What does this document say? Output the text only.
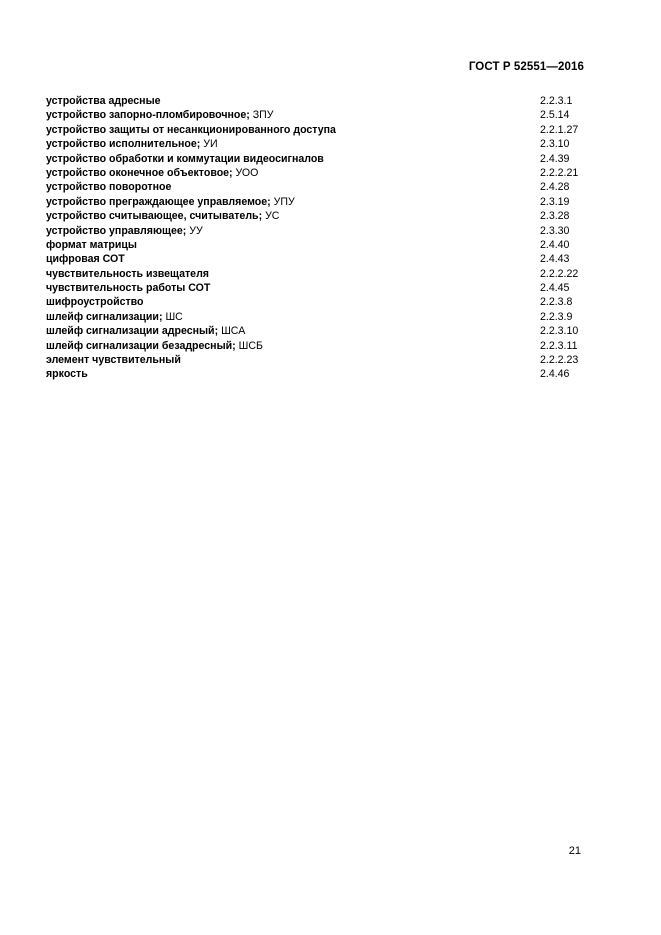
ГОСТ Р 52551—2016
устройства адресные	2.2.3.1
устройство запорно-пломбировочное; ЗПУ	2.5.14
устройство защиты от несанкционированного доступа	2.2.1.27
устройство исполнительное; УИ	2.3.10
устройство обработки и коммутации видеосигналов	2.4.39
устройство оконечное объектовое; УОО	2.2.2.21
устройство поворотное	2.4.28
устройство преграждающее управляемое; УПУ	2.3.19
устройство считывающее, считыватель; УС	2.3.28
устройство управляющее; УУ	2.3.30
формат матрицы	2.4.40
цифровая СОТ	2.4.43
чувствительность извещателя	2.2.2.22
чувствительность работы СОТ	2.4.45
шифроустройство	2.2.3.8
шлейф сигнализации; ШС	2.2.3.9
шлейф сигнализации адресный; ШСА	2.2.3.10
шлейф сигнализации безадресный; ШСБ	2.2.3.11
элемент чувствительный	2.2.2.23
яркость	2.4.46
21
